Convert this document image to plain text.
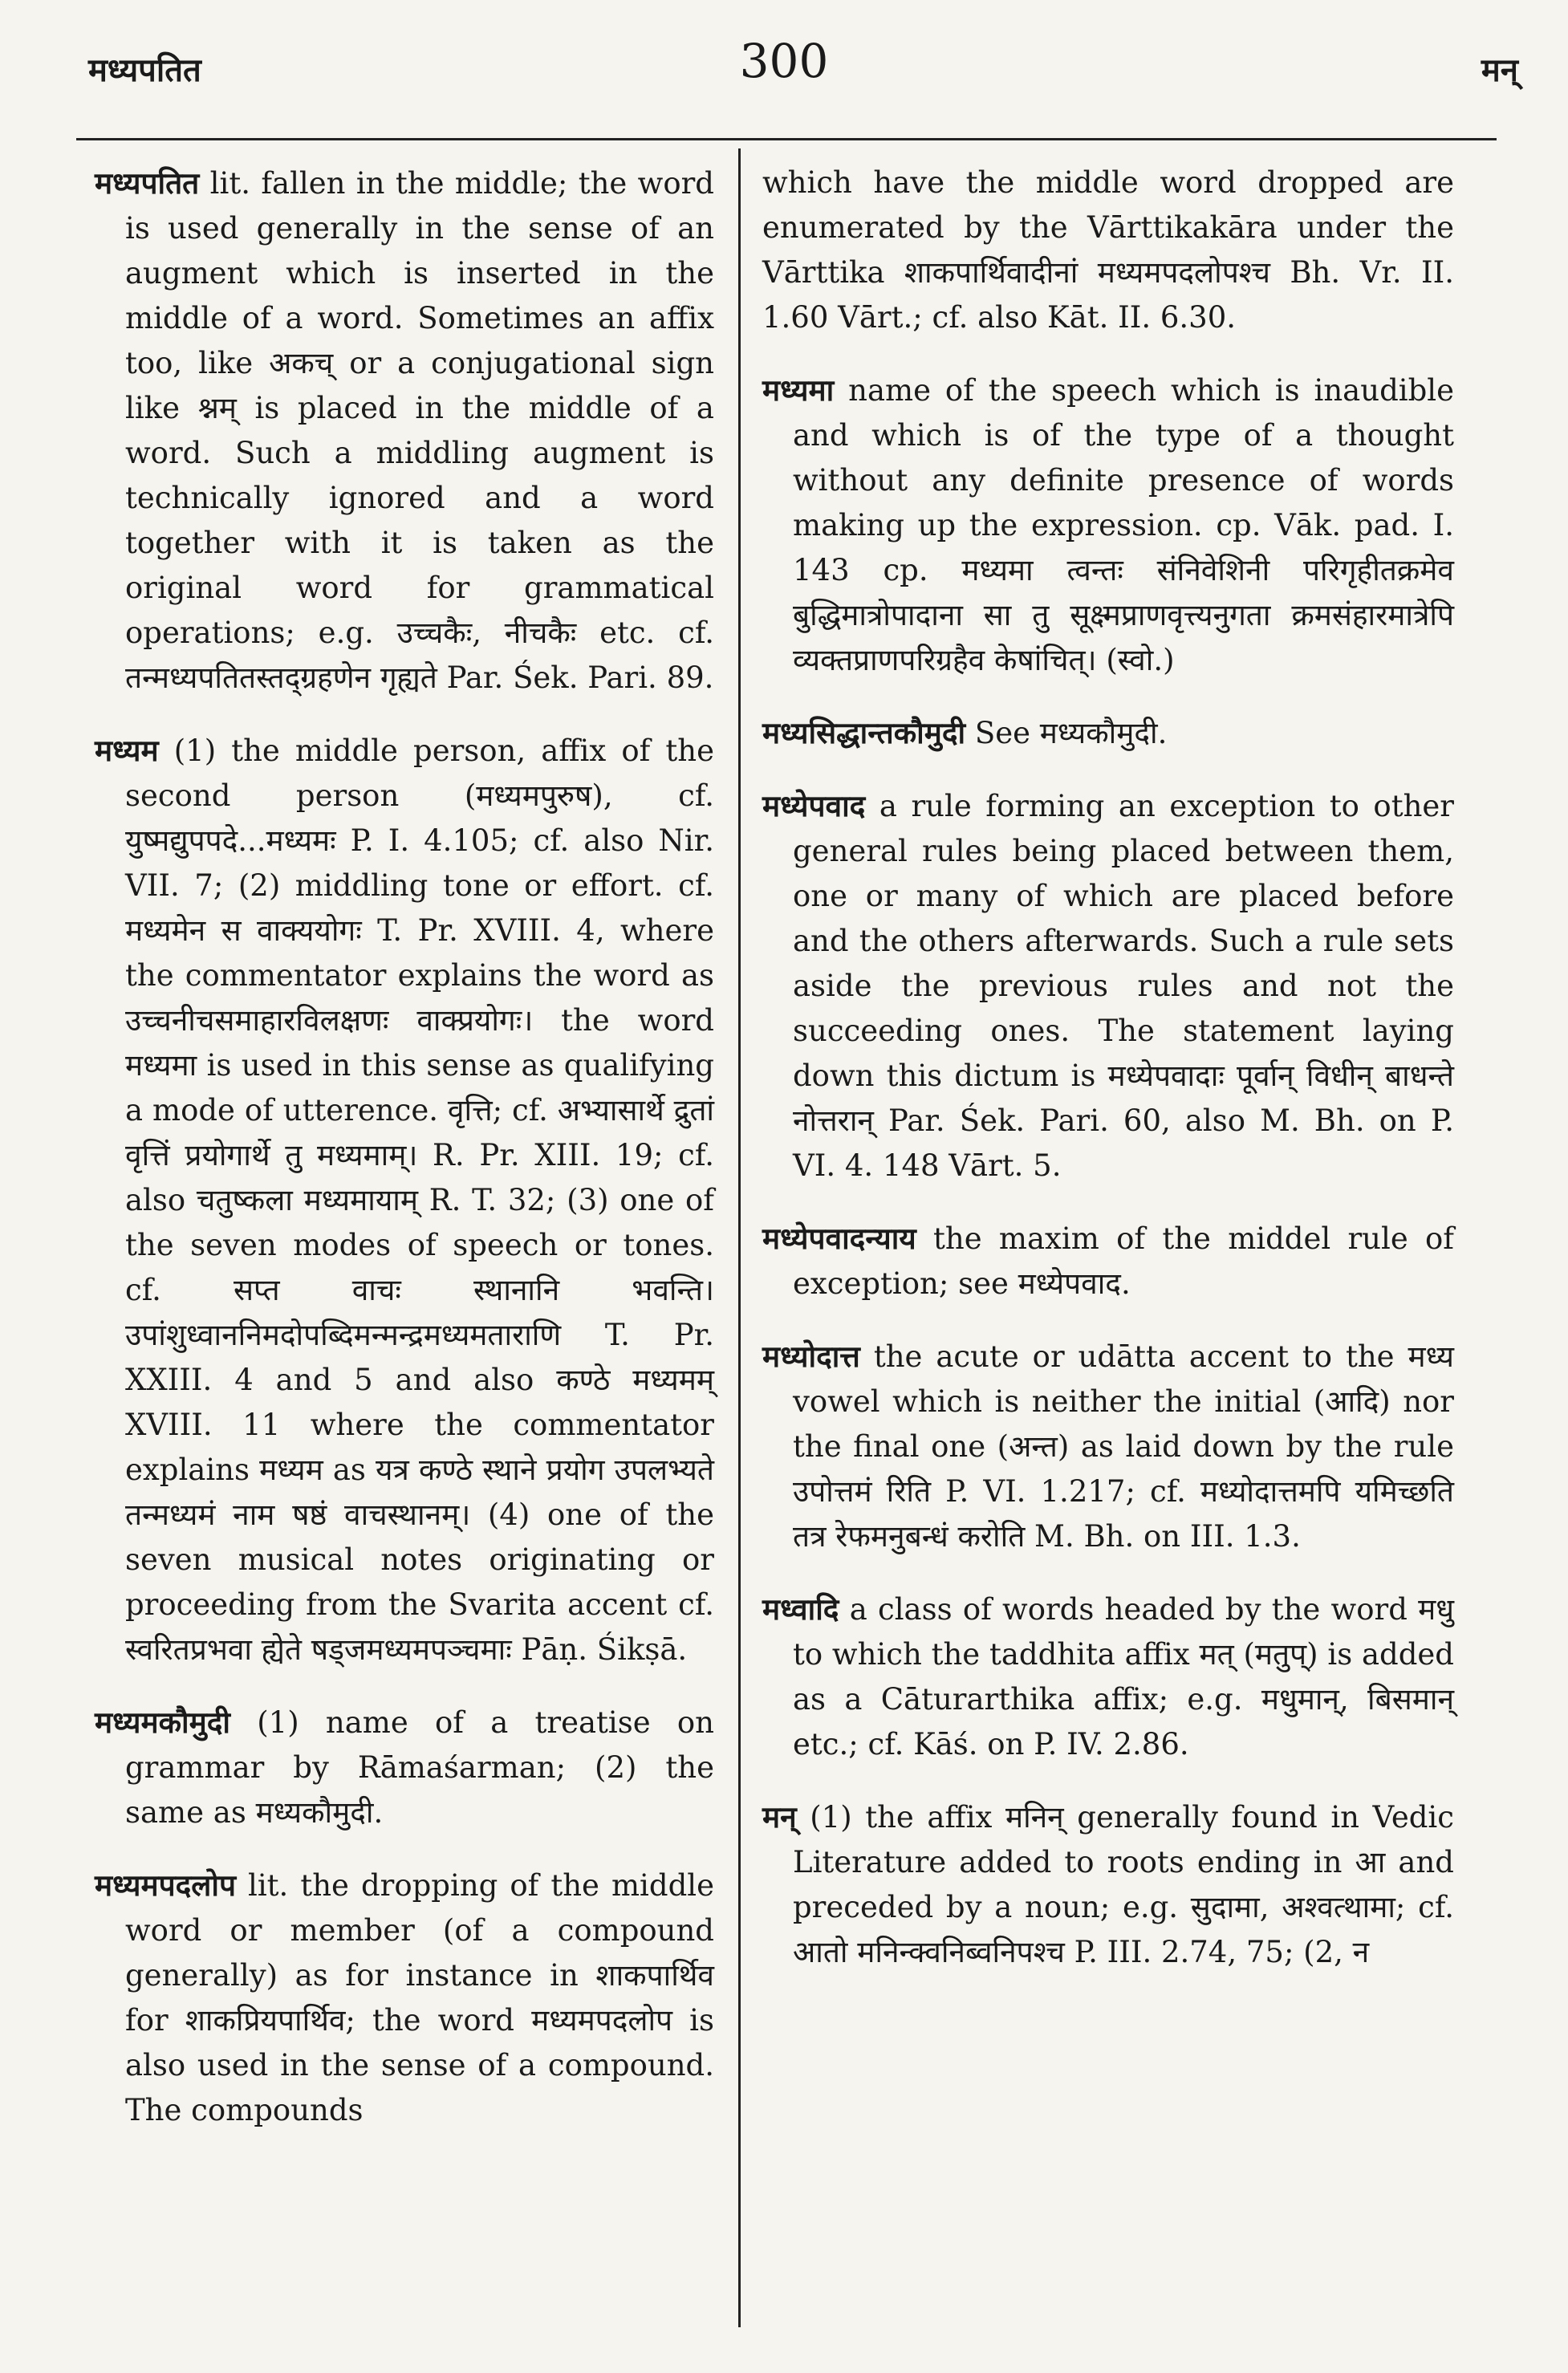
मध्यपतित	300	मन्

मध्यपतित lit. fallen in the middle; the word is used generally in the sense of an augment which is inserted in the middle of a word. Sometimes an affix too, like अकच् or a conjugational sign like श्नम् is placed in the middle of a word. Such a middling augment is technically ignored and a word together with it is taken as the original word for grammatical operations; e.g. उच्चकैः, नीचकैः etc. cf. तन्मध्यपतितस्तद्ग्रहणेन गृह्यते Par. Śek. Pari. 89.

मध्यम (1) the middle person, affix of the second person (मध्यमपुरुष), cf. युष्मद्युपपदे...मध्यमः P. I. 4.105; cf. also Nir. VII. 7; (2) middling tone or effort. cf. मध्यमेन स वाक्ययोगः T. Pr. XVIII. 4, where the commentator explains the word as उच्चनीचसमाहारविलक्षणः वाक्प्रयोगः। the word मध्यमा is used in this sense as qualifying a mode of utterence. वृत्ति; cf. अभ्यासार्थे द्रुतां वृत्तिं प्रयोगार्थे तु मध्यमाम्। R. Pr. XIII. 19; cf. also चतुष्कला मध्यमायाम् R. T. 32; (3) one of the seven modes of speech or tones. cf. सप्त वाचः स्थानानि भवन्ति। उपांशुध्वाननिमदोपब्दिमन्मन्द्रमध्यमताराणि T. Pr. XXIII. 4 and 5 and also कण्ठे मध्यमम् XVIII. 11 where the commentator explains मध्यम as यत्र कण्ठे स्थाने प्रयोग उपलभ्यते तन्मध्यमं नाम षष्ठं वाचस्थानम्। (4) one of the seven musical notes originating or proceeding from the Svarita accent cf. स्वरितप्रभवा ह्येते षड्जमध्यमपञ्चमाः Pāṇ. Śikṣā.

मध्यमकौमुदी (1) name of a treatise on grammar by Rāmaśarman; (2) the same as मध्यकौमुदी.

मध्यमपदलोप lit. the dropping of the middle word or member (of a compound generally) as for instance in शाकपार्थिव for शाकप्रियपार्थिव; the word मध्यमपदलोप is also used in the sense of a compound. The compounds

which have the middle word dropped are enumerated by the Vārttikakāra under the Vārttika शाकपार्थिवादीनां मध्यमपदलोपश्च Bh. Vr. II. 1.60 Vārt.; cf. also Kāt. II. 6.30.

मध्यमा name of the speech which is inaudible and which is of the type of a thought without any definite presence of words making up the expression. cp. Vāk. pad. I. 143 cp. मध्यमा त्वन्तः संनिवेशिनी परिगृहीतक्रमेव बुद्धिमात्रोपादाना सा तु सूक्ष्मप्राणवृत्त्यनुगता क्रमसंहारमात्रेपि व्यक्तप्राणपरिग्रहैव केषांचित्। (स्वो.)

मध्यसिद्धान्तकौमुदी See मध्यकौमुदी.

मध्येपवाद a rule forming an exception to other general rules being placed between them, one or many of which are placed before and the others afterwards. Such a rule sets aside the previous rules and not the succeeding ones. The statement laying down this dictum is मध्येपवादाः पूर्वान् विधीन् बाधन्ते नोत्तरान् Par. Śek. Pari. 60, also M. Bh. on P. VI. 4. 148 Vārt. 5.

मध्येपवादन्याय the maxim of the middel rule of exception; see मध्येपवाद.

मध्योदात्त the acute or udātta accent to the मध्य vowel which is neither the initial (आदि) nor the final one (अन्त) as laid down by the rule उपोत्तमं रिति P. VI. 1.217; cf. मध्योदात्तमपि यमिच्छति तत्र रेफमनुबन्धं करोति M. Bh. on III. 1.3.

मध्वादि a class of words headed by the word मधु to which the taddhita affix मत् (मतुप्) is added as a Cāturarthika affix; e.g. मधुमान्, बिसमान् etc.; cf. Kāś. on P. IV. 2.86.

मन् (1) the affix मनिन् generally found in Vedic Literature added to roots ending in आ and preceded by a noun; e.g. सुदामा, अश्वत्थामा; cf. आतो मनिन्क्वनिब्वनिपश्च P. III. 2.74, 75; (2, न
